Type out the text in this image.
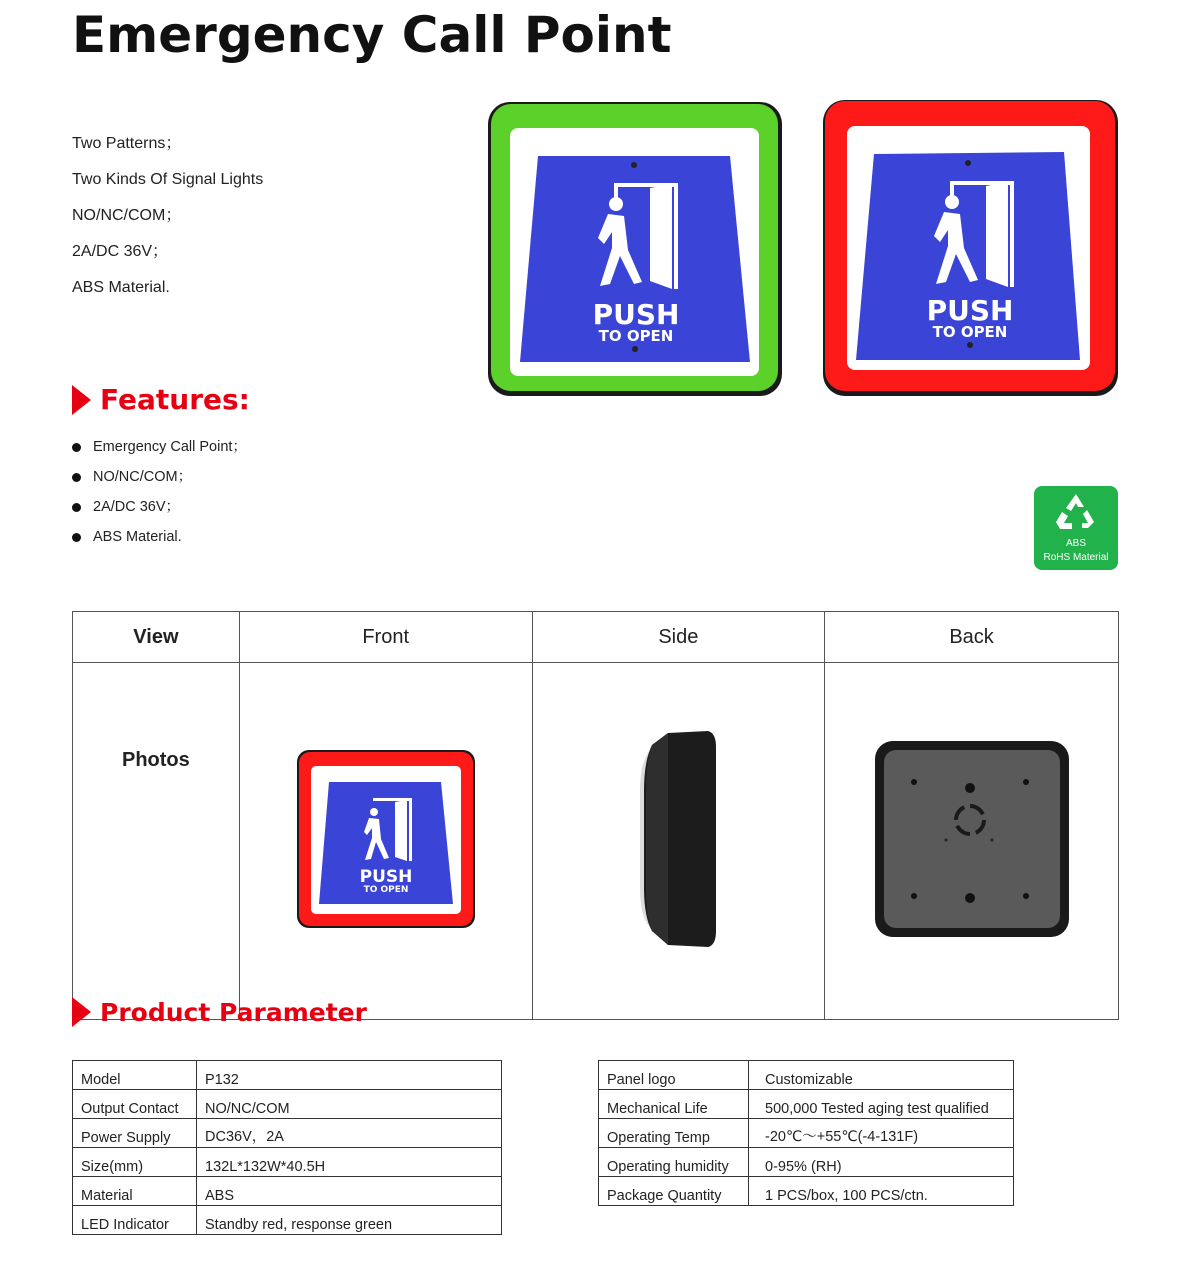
Emergency Call Point
Two Patterns；
Two Kinds Of Signal Lights
NO/NC/COM；
2A/DC 36V；
ABS Material.
Features:
Emergency Call Point；
NO/NC/COM；
2A/DC 36V；
ABS Material.
PUSH
TO OPEN
PUSH
TO OPEN
ABS
RoHS Material
View	Front	Side	Back
Photos	PUSH
TO OPEN

Product Parameter
Model	P132
Output Contact	NO/NC/COM
Power Supply	DC36V，2A
Size(mm)	132L*132W*40.5H
Material	ABS
LED Indicator	Standby red, response green
Panel logo	Customizable
Mechanical Life	500,000 Tested aging test qualified
Operating Temp	-20℃～+55℃(-4-131F)
Operating humidity	0-95% (RH)
Package Quantity	1 PCS/box, 100 PCS/ctn.
